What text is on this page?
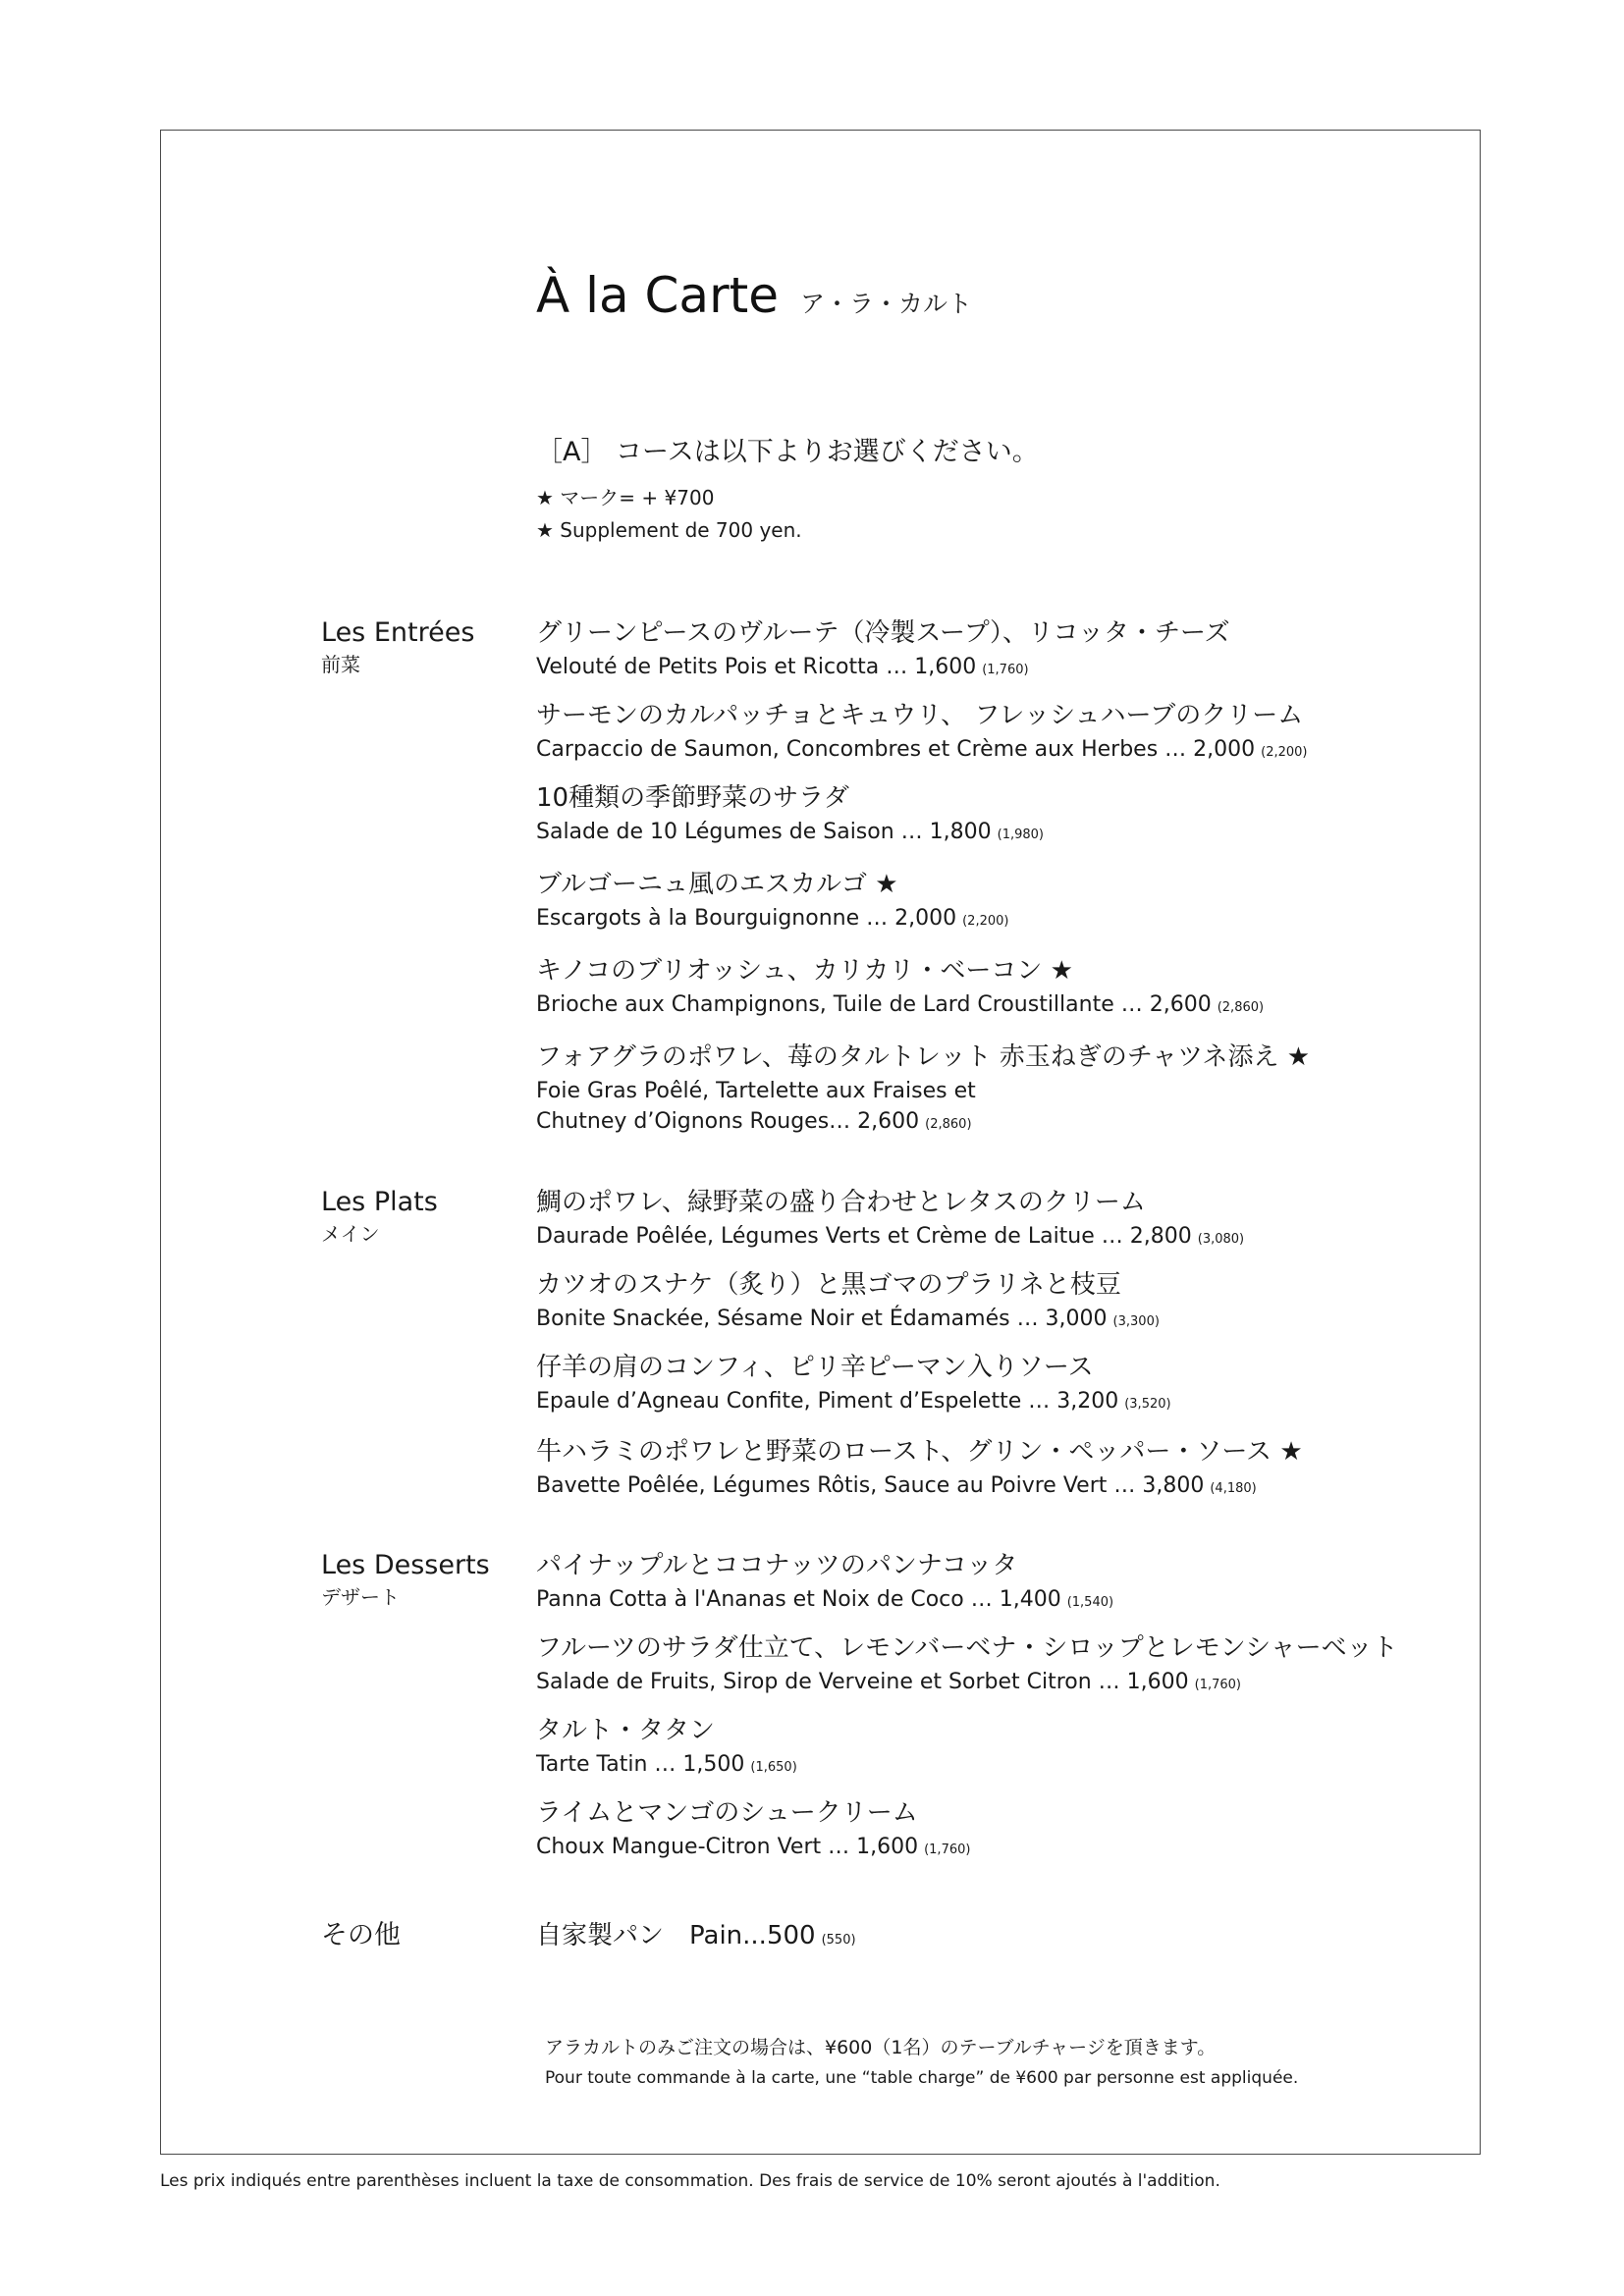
À la Carte ア・ラ・カルト
［A］ コースは以下よりお選びください。
★ マーク= + ¥700
★ Supplement de 700 yen.
Les Entrées
前菜
Les Plats
メイン
Les Desserts
デザート
その他
グリーンピースのヴルーテ（冷製スープ）、リコッタ・チーズ
Velouté de Petits Pois et Ricotta … 1,600 (1,760)
サーモンのカルパッチョとキュウリ、 フレッシュハーブのクリーム
Carpaccio de Saumon, Concombres et Crème aux Herbes … 2,000 (2,200)
10種類の季節野菜のサラダ
Salade de 10 Légumes de Saison … 1,800 (1,980)
ブルゴーニュ風のエスカルゴ ★
Escargots à la Bourguignonne … 2,000 (2,200)
キノコのブリオッシュ、カリカリ・ベーコン ★
Brioche aux Champignons, Tuile de Lard Croustillante … 2,600 (2,860)
フォアグラのポワレ、苺のタルトレット 赤玉ねぎのチャツネ添え ★
Foie Gras Poêlé, Tartelette aux Fraises et
Chutney d’Oignons Rouges… 2,600 (2,860)
鯛のポワレ、緑野菜の盛り合わせとレタスのクリーム
Daurade Poêlée, Légumes Verts et Crème de Laitue … 2,800 (3,080)
カツオのスナケ（炙り）と黒ゴマのプラリネと枝豆
Bonite Snackée, Sésame Noir et Édamamés … 3,000 (3,300)
仔羊の肩のコンフィ、ピリ辛ピーマン入りソース
Epaule d’Agneau Confite, Piment d’Espelette … 3,200 (3,520)
牛ハラミのポワレと野菜のロースト、グリン・ペッパー・ソース ★
Bavette Poêlée, Légumes Rôtis, Sauce au Poivre Vert … 3,800 (4,180)
パイナップルとココナッツのパンナコッタ
Panna Cotta à l'Ananas et Noix de Coco … 1,400 (1,540)
フルーツのサラダ仕立て、レモンバーベナ・シロップとレモンシャーベット
Salade de Fruits, Sirop de Verveine et Sorbet Citron … 1,600 (1,760)
タルト・タタン
Tarte Tatin … 1,500 (1,650)
ライムとマンゴのシュークリーム
Choux Mangue-Citron Vert … 1,600 (1,760)
自家製パン　Pain...500 (550)
アラカルトのみご注文の場合は、¥600（1名）のテーブルチャージを頂きます。
Pour toute commande à la carte, une “table charge” de ¥600 par personne est appliquée.
Les prix indiqués entre parenthèses incluent la taxe de consommation. Des frais de service de 10% seront ajoutés à l'addition.
